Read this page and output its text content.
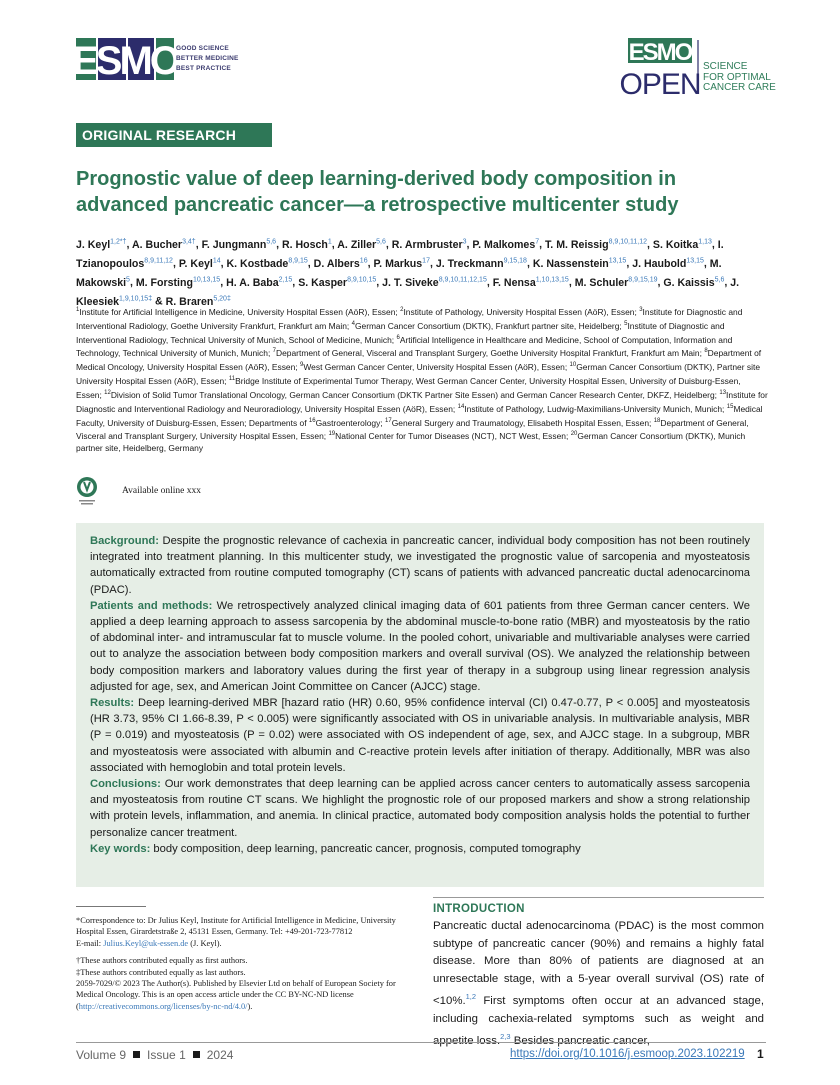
ESMO
GOOD SCIENCE
BETTER MEDICINE
BEST PRACTICE
ESMO
OPEN
SCIENCE
FOR OPTIMAL
CANCER CARE
ORIGINAL RESEARCH
Prognostic value of deep learning-derived body composition in advanced pancreatic cancer—a retrospective multicenter study
J. Keyl$^{1,2*\dagger}$, A. Bucher$^{3,4\dagger}$, F. Jungmann$^{5,6}$, R. Hosch$^1$, A. Ziller$^{5,6}$, R. Armbruster$^3$, P. Malkomes$^7$, T. M. Reissig$^{8,9,10,11,12}$, S. Koitka$^{1,13}$, I. Tzianopoulos$^{8,9,11,12}$, P. Keyl$^{14}$, K. Kostbade$^{8,9,15}$, D. Albers$^{16}$, P. Markus$^{17}$, J. Treckmann$^{9,15,18}$, K. Nassenstein$^{13,15}$, J. Haubold$^{13,15}$, M. Makowski$^5$, M. Forsting$^{10,13,15}$, H. A. Baba$^{2,15}$, S. Kasper$^{8,9,10,15}$, J. T. Siveke$^{8,9,10,11,12,15}$, F. Nensa$^{1,10,13,15}$, M. Schuler$^{8,9,15,19}$, G. Kaissis$^{5,6}$, J. Kleesiek$^{1,9,10,15\ddagger}$ & R. Braren$^{5,20\ddagger}$
$^1$Institute for Artificial Intelligence in Medicine, University Hospital Essen (AöR), Essen; $^2$Institute of Pathology, University Hospital Essen (AöR), Essen; $^3$Institute for Diagnostic and Interventional Radiology, Goethe University Frankfurt, Frankfurt am Main; $^4$German Cancer Consortium (DKTK), Frankfurt partner site, Heidelberg; $^5$Institute of Diagnostic and Interventional Radiology, Technical University of Munich, School of Medicine, Munich; $^6$Artificial Intelligence in Healthcare and Medicine, School of Computation, Information and Technology, Technical University of Munich, Munich; $^7$Department of General, Visceral and Transplant Surgery, Goethe University Hospital Frankfurt, Frankfurt am Main; $^8$Department of Medical Oncology, University Hospital Essen (AöR), Essen; $^9$West German Cancer Center, University Hospital Essen (AöR), Essen; $^{10}$German Cancer Consortium (DKTK), Partner site University Hospital Essen (AöR), Essen; $^{11}$Bridge Institute of Experimental Tumor Therapy, West German Cancer Center, University Hospital Essen, University of Duisburg-Essen, Essen; $^{12}$Division of Solid Tumor Translational Oncology, German Cancer Consortium (DKTK Partner Site Essen) and German Cancer Research Center, DKFZ, Heidelberg; $^{13}$Institute for Diagnostic and Interventional Radiology and Neuroradiology, University Hospital Essen (AöR), Essen; $^{14}$Institute of Pathology, Ludwig-Maximilians-University Munich, Munich; $^{15}$Medical Faculty, University of Duisburg-Essen, Essen; Departments of $^{16}$Gastroenterology; $^{17}$General Surgery and Traumatology, Elisabeth Hospital Essen, Essen; $^{18}$Department of General, Visceral and Transplant Surgery, University Hospital Essen, Essen; $^{19}$National Center for Tumor Diseases (NCT), NCT West, Essen; $^{20}$German Cancer Consortium (DKTK), Munich partner site, Heidelberg, Germany
Available online xxx

Background: Despite the prognostic relevance of cachexia in pancreatic cancer, individual body composition has not been routinely integrated into treatment planning. In this multicenter study, we investigated the prognostic value of sarcopenia and myosteatosis automatically extracted from routine computed tomography (CT) scans of patients with advanced pancreatic ductal adenocarcinoma (PDAC).

Patients and methods: We retrospectively analyzed clinical imaging data of 601 patients from three German cancer centers. We applied a deep learning approach to assess sarcopenia by the abdominal muscle-to-bone ratio (MBR) and myosteatosis by the ratio of abdominal inter- and intramuscular fat to muscle volume. In the pooled cohort, univariable and multivariable analyses were carried out to analyze the association between body composition markers and overall survival (OS). We analyzed the relationship between body composition markers and laboratory values during the first year of therapy in a subgroup using linear regression analysis adjusted for age, sex, and American Joint Committee on Cancer (AJCC) stage.

Results: Deep learning-derived MBR [hazard ratio (HR) 0.60, 95% confidence interval (CI) 0.47-0.77, P < 0.005] and myosteatosis (HR 3.73, 95% CI 1.66-8.39, P < 0.005) were significantly associated with OS in univariable analysis. In multivariable analysis, MBR (P = 0.019) and myosteatosis (P = 0.02) were associated with OS independent of age, sex, and AJCC stage. In a subgroup, MBR and myosteatosis were associated with albumin and C-reactive protein levels after initiation of therapy. Additionally, MBR was also associated with hemoglobin and total protein levels.

Conclusions: Our work demonstrates that deep learning can be applied across cancer centers to automatically assess sarcopenia and myosteatosis from routine CT scans. We highlight the prognostic role of our proposed markers and show a strong relationship with protein levels, inflammation, and anemia. In clinical practice, automated body composition analysis holds the potential to further personalize cancer treatment.

Key words: body composition, deep learning, pancreatic cancer, prognosis, computed tomography

*Correspondence to: Dr Julius Keyl, Institute for Artificial Intelligence in Medicine, University Hospital Essen, Girardetstraße 2, 45131 Essen, Germany. Tel: +49-201-723-77812

E-mail: Julius.Keyl@uk-essen.de (J. Keyl).

†These authors contributed equally as first authors.

‡These authors contributed equally as last authors.

2059-7029/© 2023 The Author(s). Published by Elsevier Ltd on behalf of European Society for Medical Oncology. This is an open access article under the CC BY-NC-ND license (http://creativecommons.org/licenses/by-nc-nd/4.0/).

INTRODUCTION

Pancreatic ductal adenocarcinoma (PDAC) is the most common subtype of pancreatic cancer (90%) and remains a highly fatal disease. More than 80% of patients are diagnosed at an unresectable stage, with a 5-year overall survival (OS) rate of <10%.$^{1,2}$ First symptoms often occur at an advanced stage, including cachexia-related symptoms such as weight and appetite loss.$^{2,3}$ Besides pancreatic cancer,

Volume 9 Issue 1 2024	https://doi.org/10.1016/j.esmoop.2023.102219 1
